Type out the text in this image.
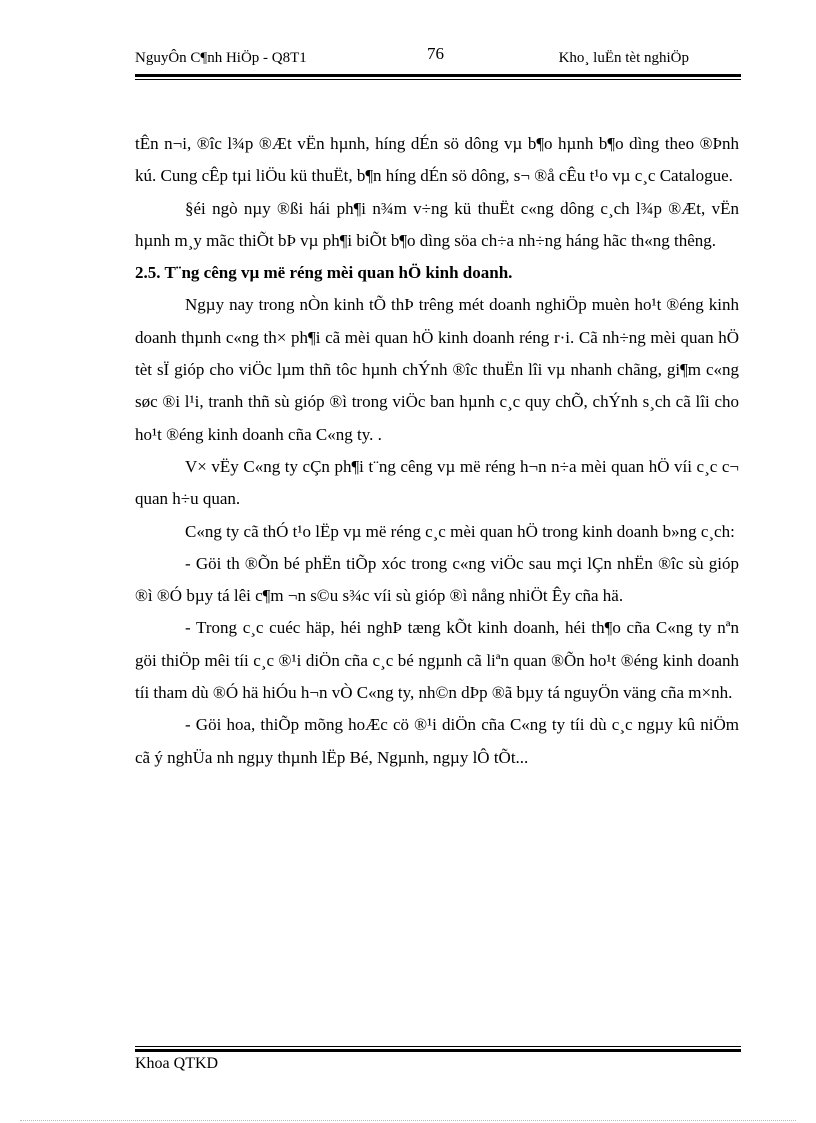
NguyÔn C¶nh HiÖp - Q8T1	76	Kho¸ luËn tèt nghiÖp

tÊn n¬i, ®îc l¾p ®Æt vËn hµnh, híng dÉn sö dông vµ b¶o hµnh b¶o dìng theo ®Þnh kú. Cung cÊp tµi liÖu kü thuËt, b¶n híng dÉn sö dông, s¬ ®å cÊu t¹o vµ c¸c Catalogue.

§éi ngò nµy ®ßi hái ph¶i n¾m v÷ng kü thuËt c«ng dông c¸ch l¾p ®Æt, vËn hµnh m¸y mãc thiÕt bÞ vµ ph¶i biÕt b¶o dìng söa ch÷a nh÷ng háng hãc th«ng thêng.

2.5. T¨ng cêng vµ më réng mèi quan hÖ kinh doanh.

Ngµy nay trong nÒn kinh tÕ thÞ trêng mét doanh nghiÖp muèn ho¹t ®éng kinh doanh thµnh c«ng th× ph¶i cã mèi quan hÖ kinh doanh réng r·i. Cã nh÷ng mèi quan hÖ tèt sÏ gióp cho viÖc lµm thñ tôc hµnh chÝnh ®îc thuËn lîi vµ nhanh chãng, gi¶m c«ng søc ®i l¹i, tranh thñ sù gióp ®ì trong viÖc ban hµnh c¸c quy chÕ, chÝnh s¸ch cã lîi cho ho¹t ®éng kinh doanh cña C«ng ty. .

V× vËy C«ng ty cÇn ph¶i t¨ng cêng vµ më réng h¬n n÷a mèi quan hÖ víi c¸c c¬ quan h÷u quan.

C«ng ty cã thÓ t¹o lËp vµ më réng c¸c mèi quan hÖ trong kinh doanh b»ng c¸ch:

- Göi th ®Õn bé phËn tiÕp xóc trong c«ng viÖc sau mçi lÇn nhËn ®îc sù gióp ®ì ®Ó bµy tá lêi c¶m ¬n s©u s¾c víi sù gióp ®ì nång nhiÖt Êy cña hä.

- Trong c¸c cuéc häp, héi nghÞ tæng kÕt kinh doanh, héi th¶o cña C«ng ty nªn göi thiÖp mêi tíi c¸c ®¹i diÖn cña c¸c bé ngµnh cã liªn quan ®Õn ho¹t ®éng kinh doanh tíi tham dù ®Ó hä hiÓu h¬n vÒ C«ng ty, nh©n dÞp ®ã bµy tá nguyÖn väng cña m×nh.

- Göi hoa, thiÕp mõng hoÆc cö ®¹i diÖn cña C«ng ty tíi dù c¸c ngµy kû niÖm cã ý nghÜa nh ngµy thµnh lËp Bé, Ngµnh, ngµy lÔ tÕt...

Khoa QTKD
